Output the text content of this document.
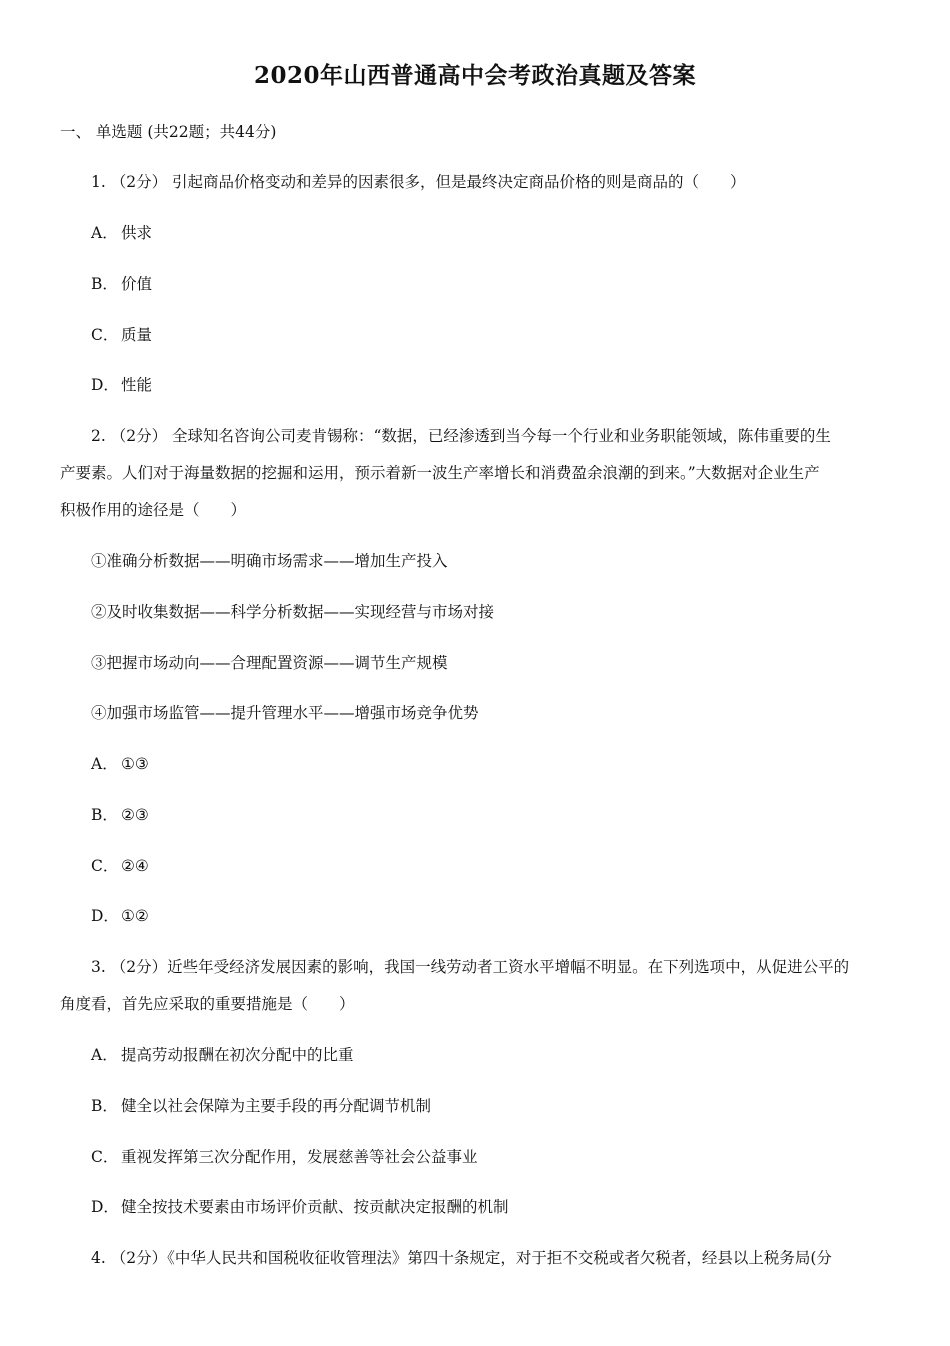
2020年山西普通高中会考政治真题及答案
一、 单选题 (共22题；共44分)
1. （2分） 引起商品价格变动和差异的因素很多，但是最终决定商品价格的则是商品的（　　）
A． 供求
B． 价值
C． 质量
D． 性能
2. （2分） 全球知名咨询公司麦肯锡称：“数据，已经渗透到当今每一个行业和业务职能领域，陈伟重要的生
产要素。人们对于海量数据的挖掘和运用，预示着新一波生产率增长和消费盈余浪潮的到来。”大数据对企业生产
积极作用的途径是（　　）
①准确分析数据——明确市场需求——增加生产投入
②及时收集数据——科学分析数据——实现经营与市场对接
③把握市场动向——合理配置资源——调节生产规模
④加强市场监管——提升管理水平——增强市场竞争优势
A． ①③
B． ②③
C． ②④
D． ①②
3. （2分）近些年受经济发展因素的影响，我国一线劳动者工资水平增幅不明显。在下列选项中，从促进公平的
角度看，首先应采取的重要措施是（　　）
A． 提高劳动报酬在初次分配中的比重
B． 健全以社会保障为主要手段的再分配调节机制
C． 重视发挥第三次分配作用，发展慈善等社会公益事业
D． 健全按技术要素由市场评价贡献、按贡献决定报酬的机制
4. （2分）《中华人民共和国税收征收管理法》第四十条规定，对于拒不交税或者欠税者，经县以上税务局(分
